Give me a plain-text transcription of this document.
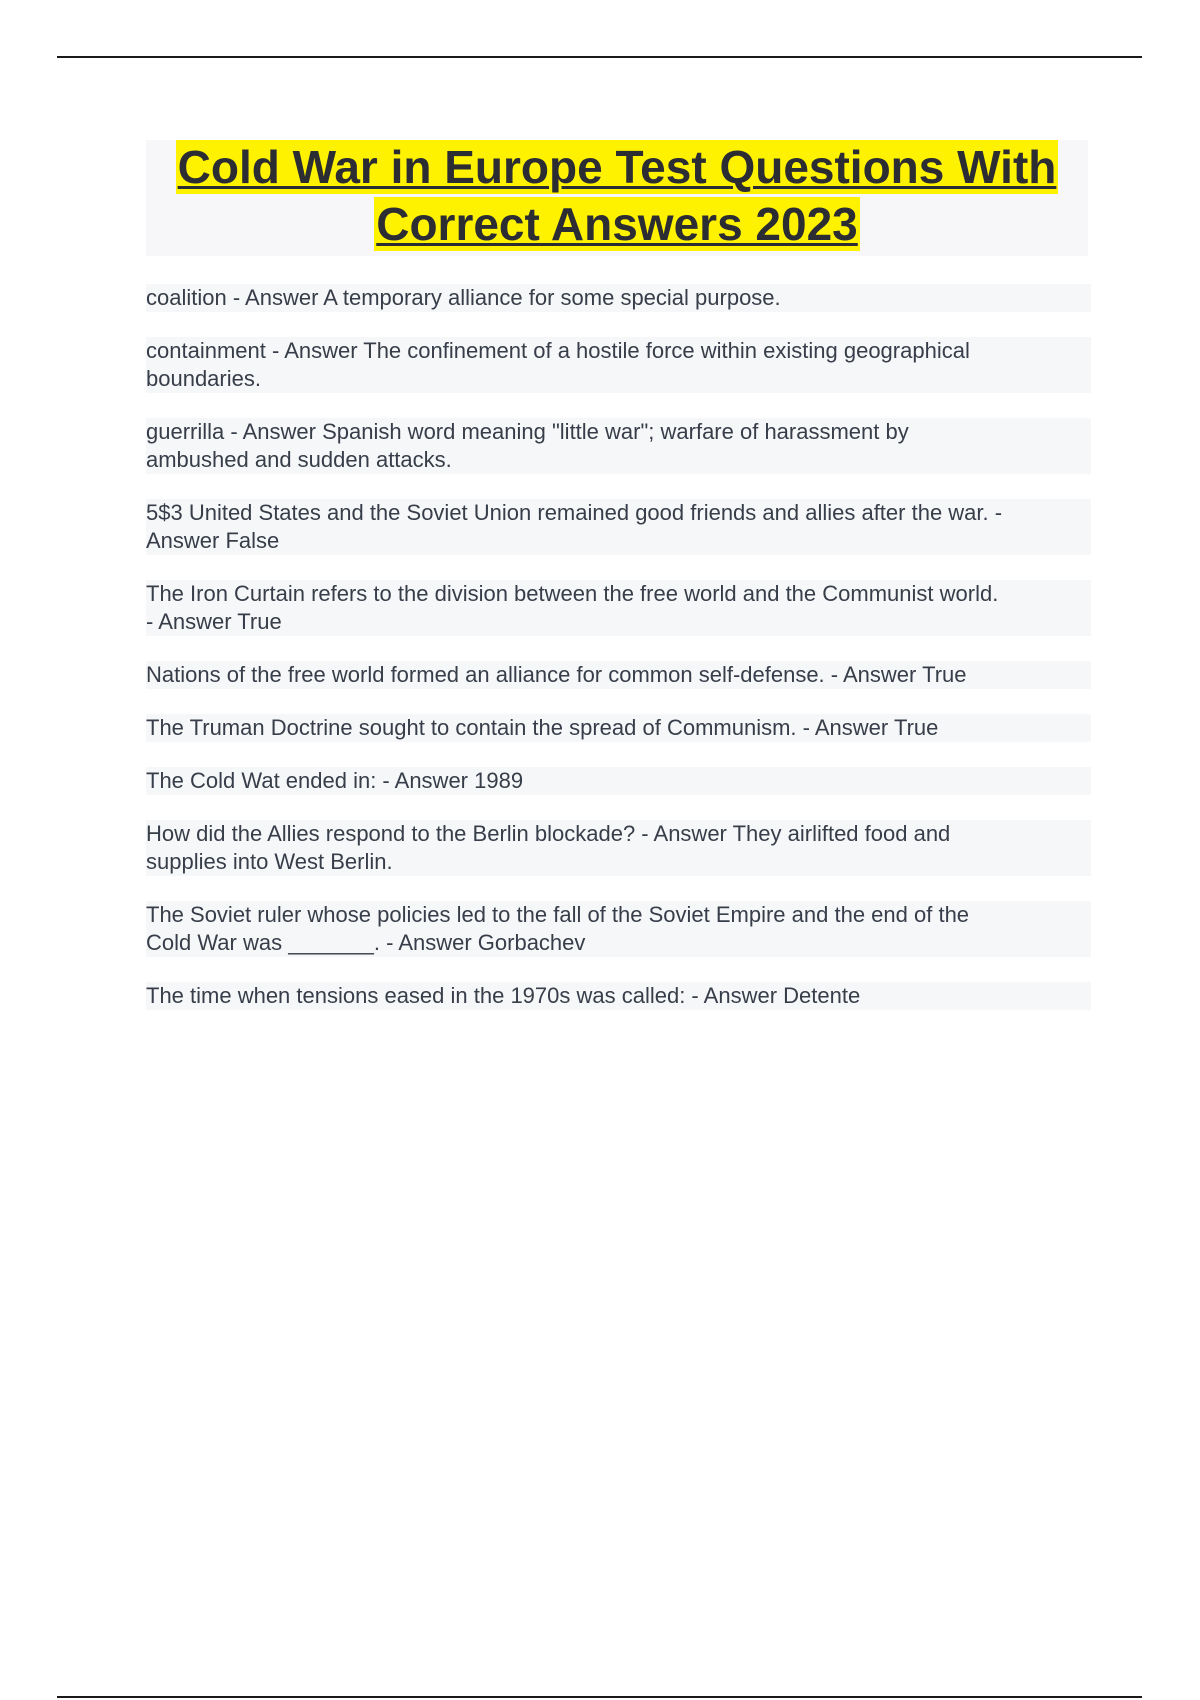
Cold War in Europe Test Questions With
Correct Answers 2023
coalition - Answer A temporary alliance for some special purpose.
containment - Answer The confinement of a hostile force within existing geographical
boundaries.
guerrilla - Answer Spanish word meaning "little war"; warfare of harassment by
ambushed and sudden attacks.
5$3 United States and the Soviet Union remained good friends and allies after the war. -
Answer False
The Iron Curtain refers to the division between the free world and the Communist world.
- Answer True
Nations of the free world formed an alliance for common self-defense. - Answer True
The Truman Doctrine sought to contain the spread of Communism. - Answer True
The Cold Wat ended in: - Answer 1989
How did the Allies respond to the Berlin blockade? - Answer They airlifted food and
supplies into West Berlin.
The Soviet ruler whose policies led to the fall of the Soviet Empire and the end of the
Cold War was _______. - Answer Gorbachev
The time when tensions eased in the 1970s was called: - Answer Detente
